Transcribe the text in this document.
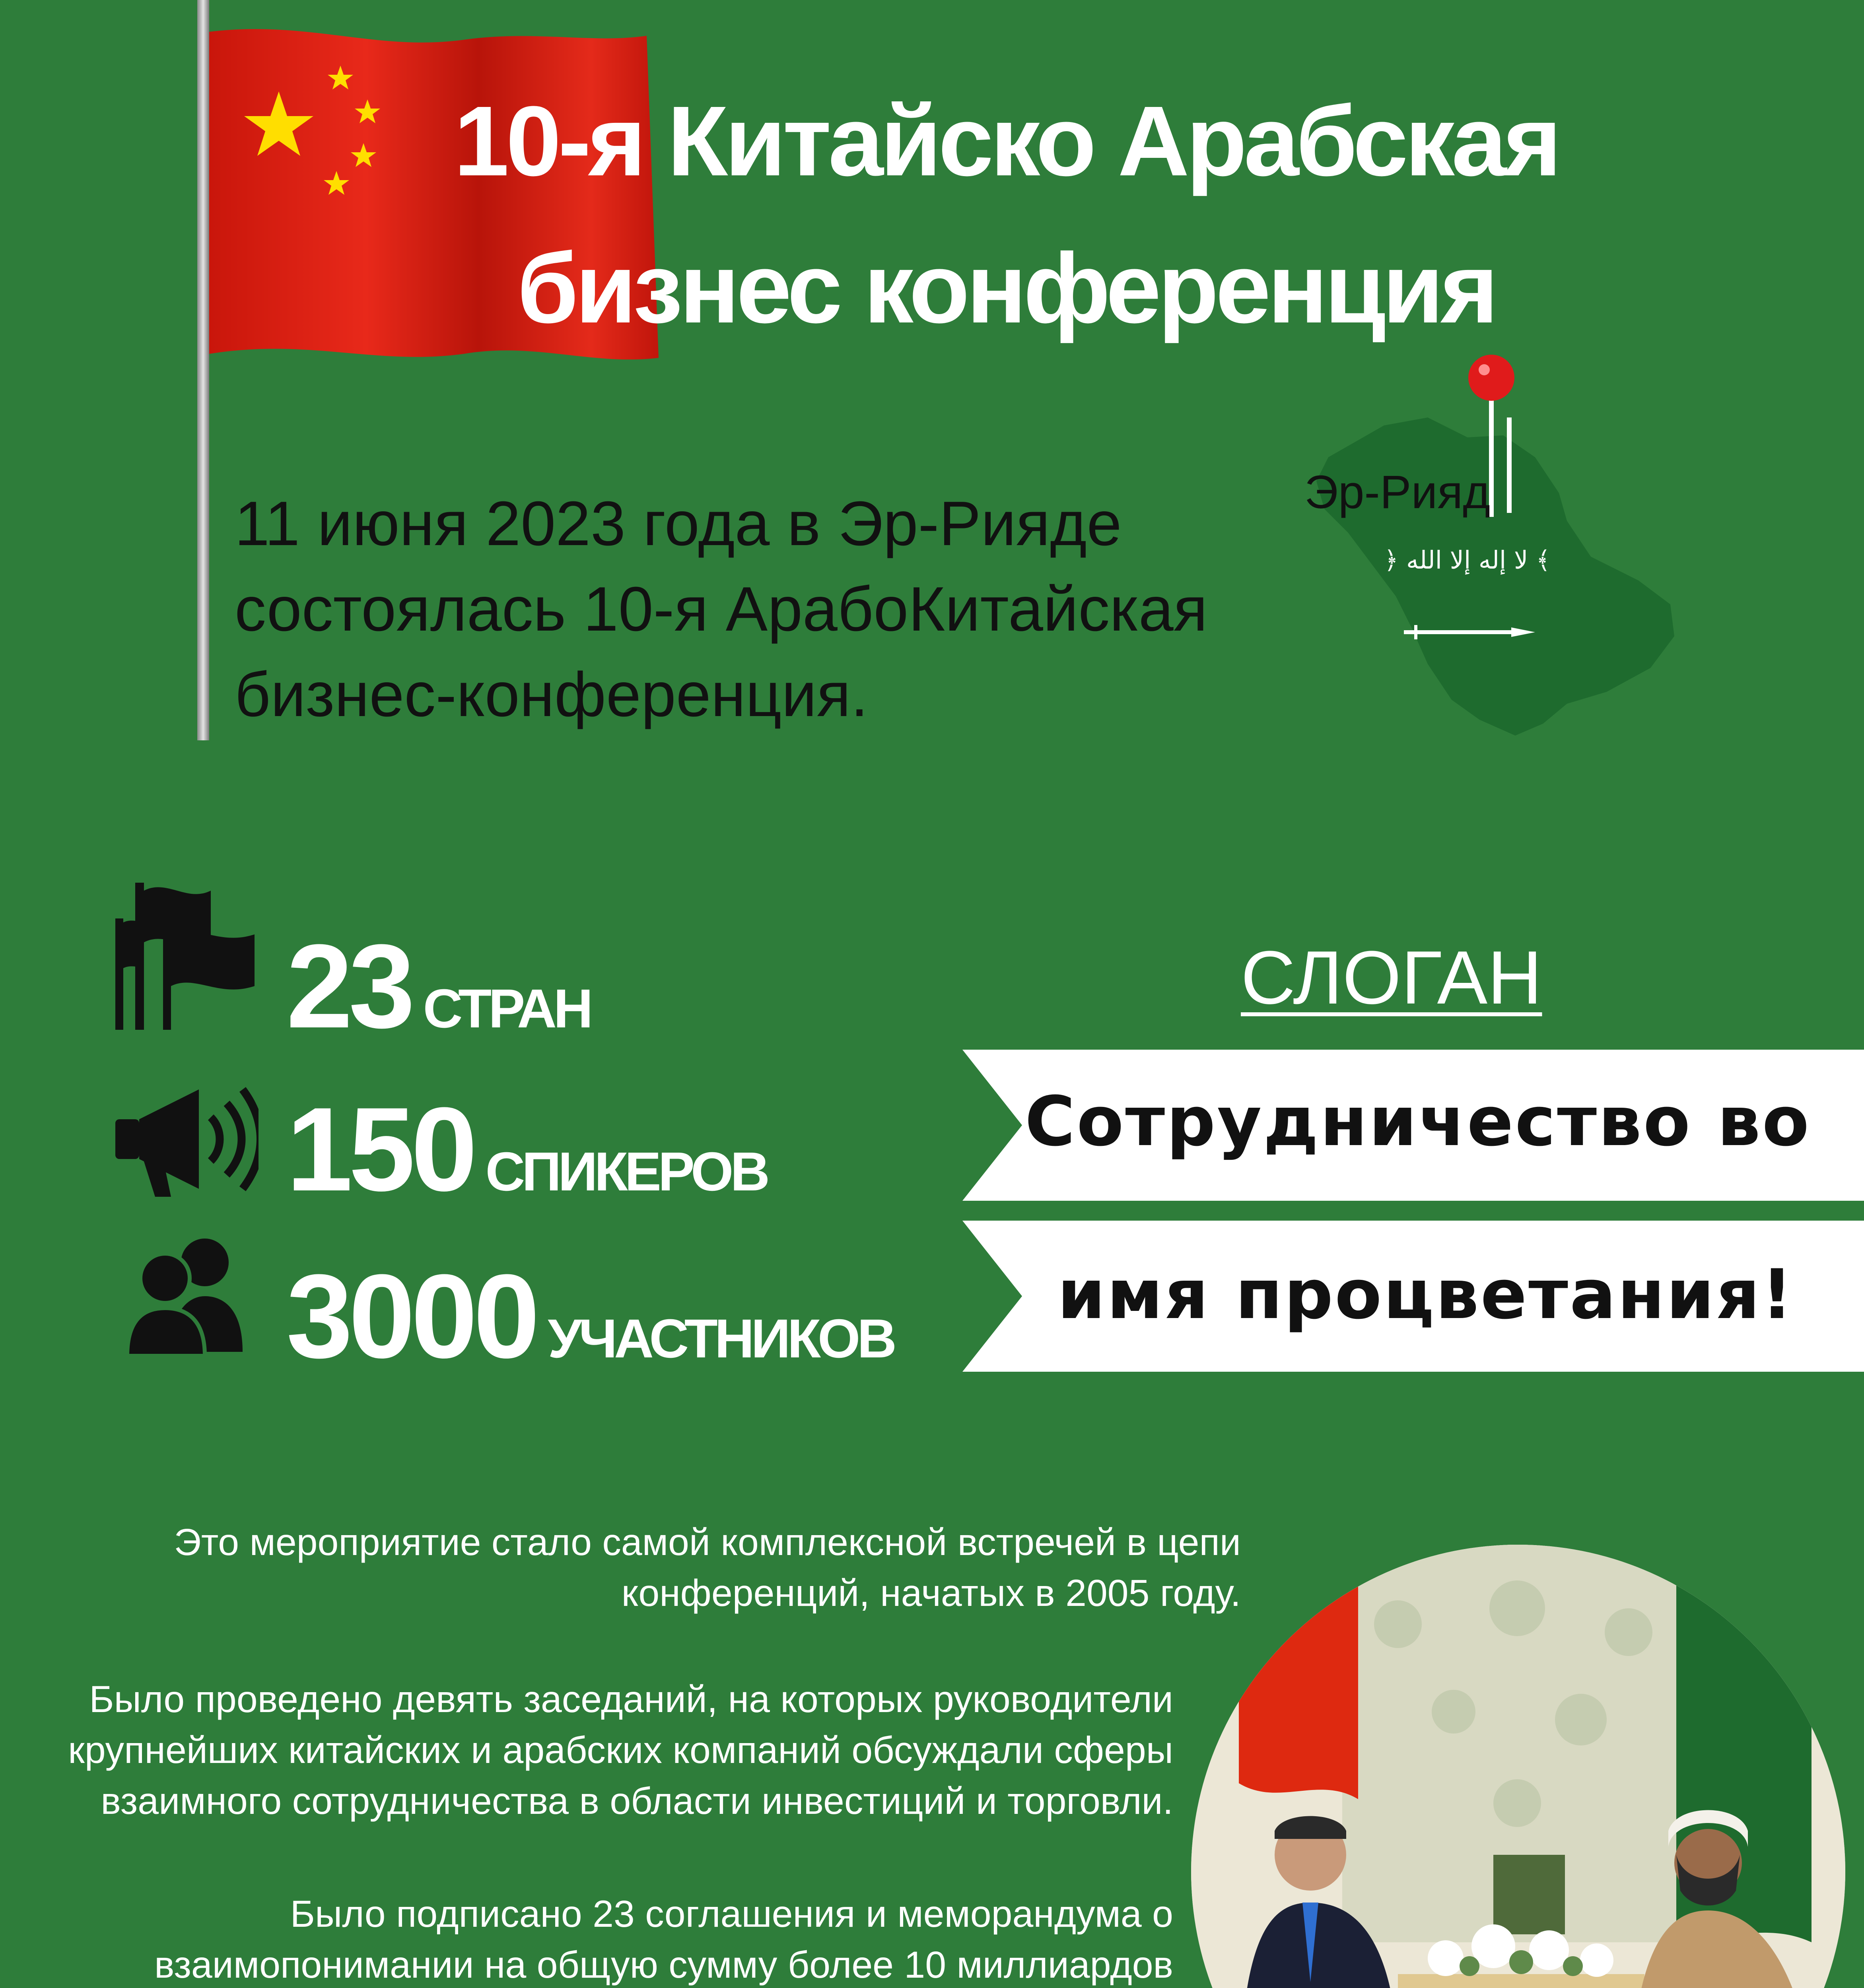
10-я Китайско Арабская
бизнес конференция
11 июня 2023 года в Эр-Рияде
состоялась 10-я АрабоКитайская
бизнес-конференция.
﴿ لا إله إلا الله ﴾
Эр-Рияд
23 СТРАН
150 СПИКЕРОВ
3000 УЧАСТНИКОВ
СЛОГАН
Сотрудничество во
имя процветания!
Это мероприятие стало самой комплексной встречей в цепи
конференций, начатых в 2005 году.
Было проведено девять заседаний, на которых руководители
крупнейших китайских и арабских компаний обсуждали сферы
взаимного сотрудничества в области инвестиций и торговли.
Было подписано 23 соглашения и меморандума о
взаимопонимании на общую сумму более 10 миллиардов
